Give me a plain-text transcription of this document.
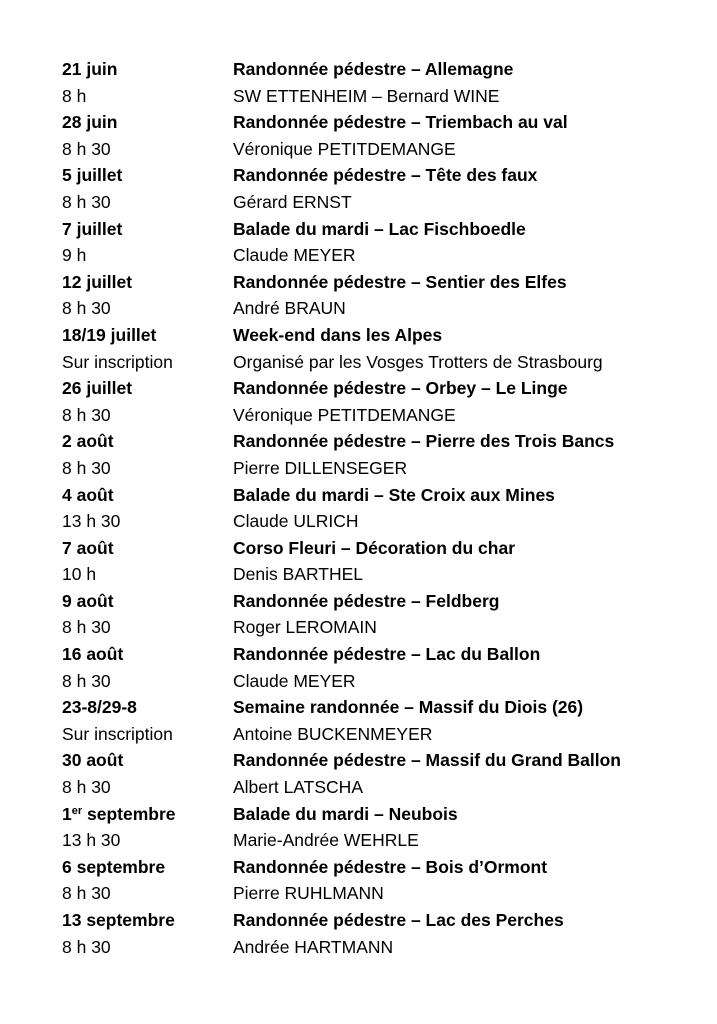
21 juin	Randonnée pédestre – Allemagne
8 h	SW ETTENHEIM – Bernard WINE
28 juin	Randonnée pédestre – Triembach au val
8 h 30	Véronique PETITDEMANGE
5 juillet	Randonnée pédestre – Tête des faux
8 h 30	Gérard ERNST
7 juillet	Balade du mardi – Lac Fischboedle
9 h	Claude MEYER
12 juillet	Randonnée pédestre – Sentier des Elfes
8 h 30	André BRAUN
18/19 juillet	Week-end dans les Alpes
Sur inscription	Organisé par les Vosges Trotters de Strasbourg
26 juillet	Randonnée pédestre – Orbey – Le Linge
8 h 30	Véronique PETITDEMANGE
2 août	Randonnée pédestre – Pierre des Trois Bancs
8 h 30	Pierre DILLENSEGER
4 août	Balade du mardi – Ste Croix aux Mines
13 h 30	Claude ULRICH
7 août	Corso Fleuri – Décoration du char
10 h	Denis BARTHEL
9 août	Randonnée pédestre – Feldberg
8 h 30	Roger LEROMAIN
16 août	Randonnée pédestre – Lac du Ballon
8 h 30	Claude MEYER
23-8/29-8	Semaine randonnée – Massif du Diois (26)
Sur inscription	Antoine BUCKENMEYER
30 août	Randonnée pédestre – Massif du Grand Ballon
8 h 30	Albert LATSCHA
1er septembre	Balade du mardi – Neubois
13 h 30	Marie-Andrée WEHRLE
6 septembre	Randonnée pédestre – Bois d’Ormont
8 h 30	Pierre RUHLMANN
13 septembre	Randonnée pédestre – Lac des Perches
8 h 30	Andrée HARTMANN
